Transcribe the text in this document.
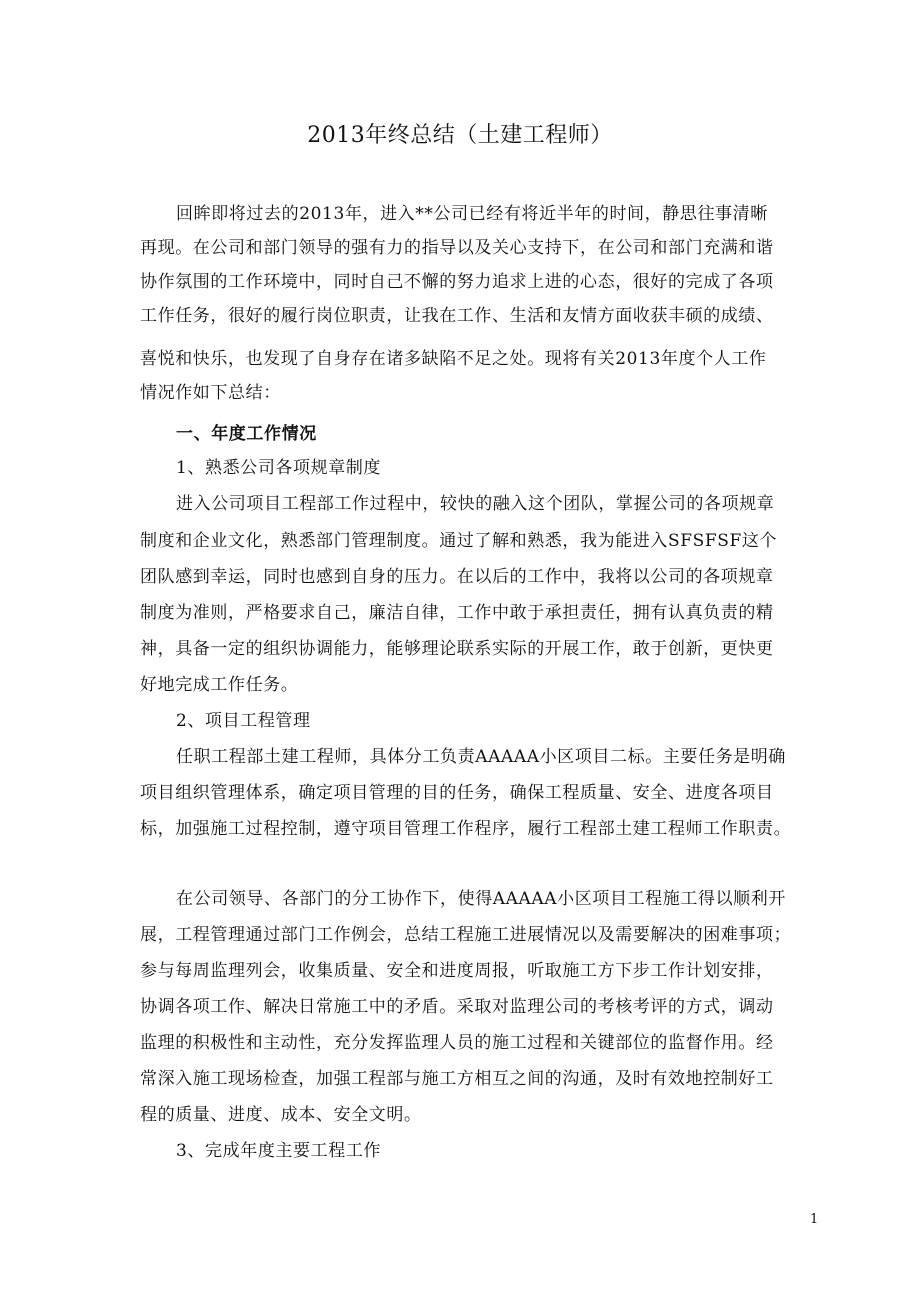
2013年终总结（土建工程师）
回眸即将过去的2013年，进入**公司已经有将近半年的时间，静思往事清晰
再现。在公司和部门领导的强有力的指导以及关心支持下，在公司和部门充满和谐
协作氛围的工作环境中，同时自己不懈的努力追求上进的心态，很好的完成了各项
工作任务，很好的履行岗位职责，让我在工作、生活和友情方面收获丰硕的成绩、
喜悦和快乐，也发现了自身存在诸多缺陷不足之处。现将有关2013年度个人工作
情况作如下总结：
一、年度工作情况
1、熟悉公司各项规章制度
进入公司项目工程部工作过程中，较快的融入这个团队，掌握公司的各项规章
制度和企业文化，熟悉部门管理制度。通过了解和熟悉，我为能进入SFSFSF这个
团队感到幸运，同时也感到自身的压力。在以后的工作中，我将以公司的各项规章
制度为准则，严格要求自己，廉洁自律，工作中敢于承担责任，拥有认真负责的精
神，具备一定的组织协调能力，能够理论联系实际的开展工作，敢于创新，更快更
好地完成工作任务。
2、项目工程管理
任职工程部土建工程师，具体分工负责AAAAA小区项目二标。主要任务是明确
项目组织管理体系，确定项目管理的目的任务，确保工程质量、安全、进度各项目
标，加强施工过程控制，遵守项目管理工作程序，履行工程部土建工程师工作职责。
在公司领导、各部门的分工协作下，使得AAAAA小区项目工程施工得以顺利开
展，工程管理通过部门工作例会，总结工程施工进展情况以及需要解决的困难事项；
参与每周监理列会，收集质量、安全和进度周报，听取施工方下步工作计划安排，
协调各项工作、解决日常施工中的矛盾。采取对监理公司的考核考评的方式，调动
监理的积极性和主动性，充分发挥监理人员的施工过程和关键部位的监督作用。经
常深入施工现场检查，加强工程部与施工方相互之间的沟通，及时有效地控制好工
程的质量、进度、成本、安全文明。
3、完成年度主要工程工作
1
